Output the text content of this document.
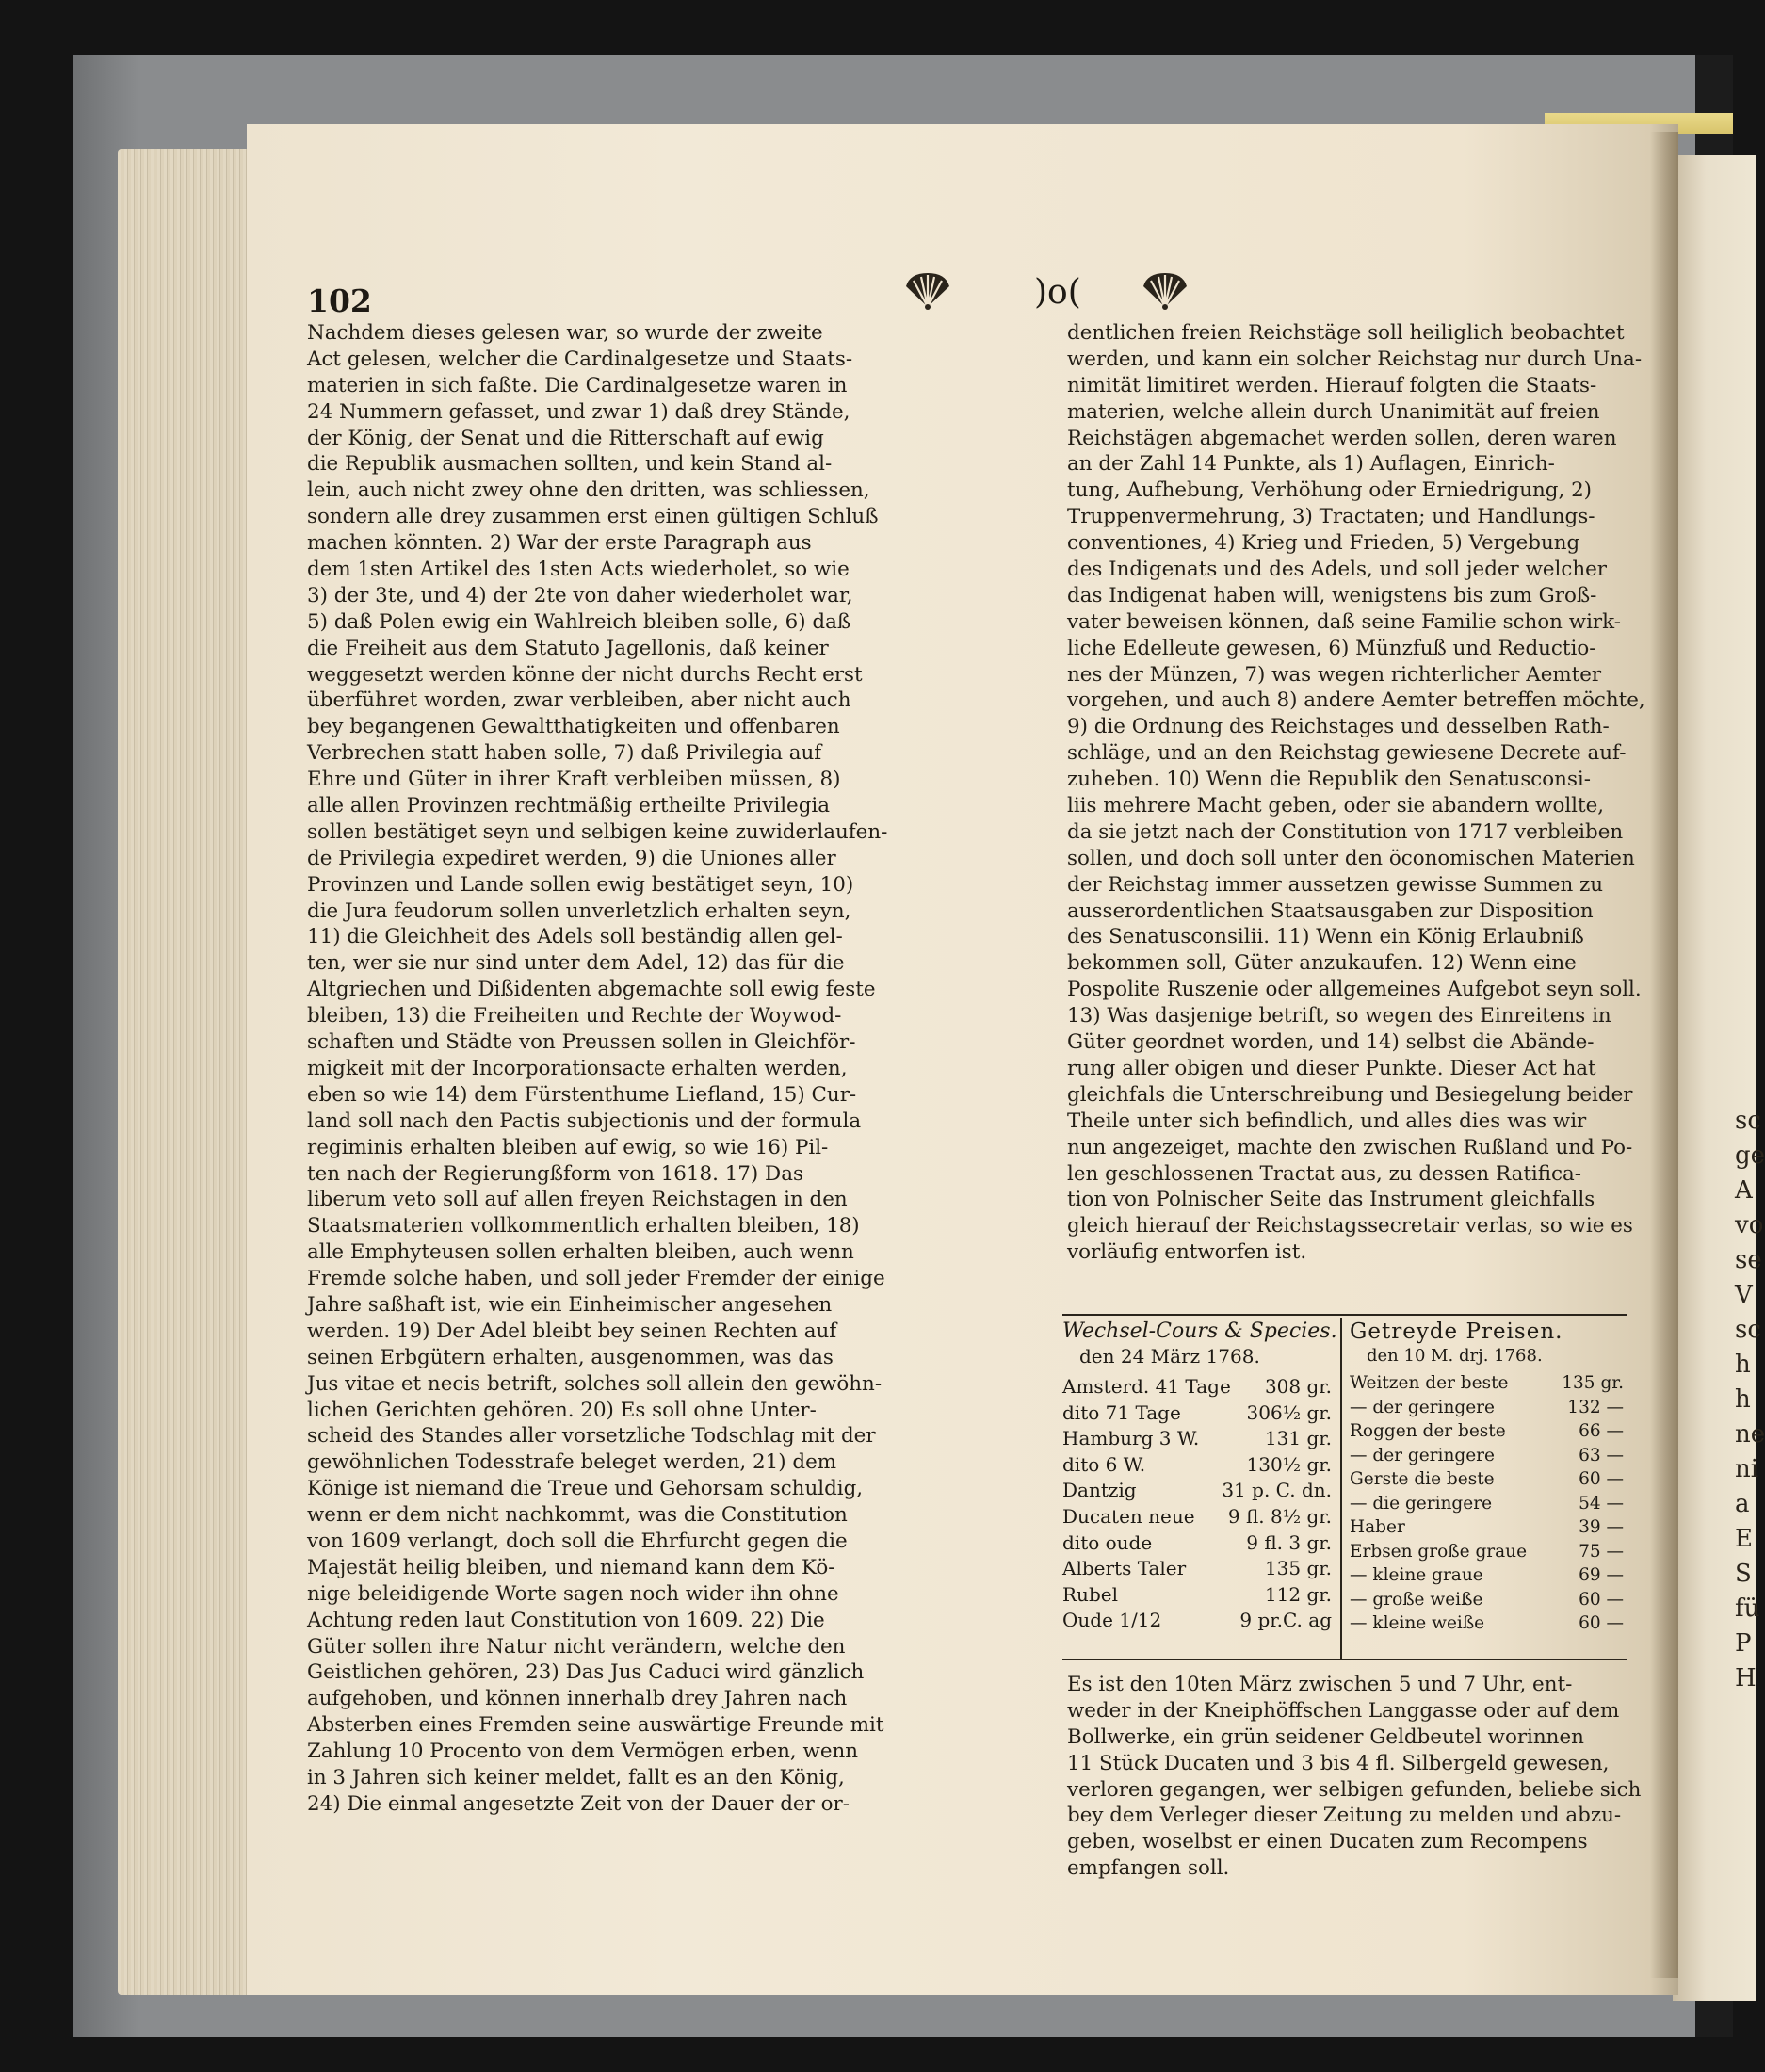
sc
ge
A
vo
se
V
sc
h
h
ne
ni
a
E
S
fü
P
H
102	)o(
Nachdem dieses gelesen war, so wurde der zweite
Act gelesen, welcher die Cardinalgesetze und Staats-
materien in sich faßte. Die Cardinalgesetze waren in
24 Nummern gefasset, und zwar 1) daß drey Stände,
der König, der Senat und die Ritterschaft auf ewig
die Republik ausmachen sollten, und kein Stand al-
lein, auch nicht zwey ohne den dritten, was schliessen,
sondern alle drey zusammen erst einen gültigen Schluß
machen könnten. 2) War der erste Paragraph aus
dem 1sten Artikel des 1sten Acts wiederholet, so wie
3) der 3te, und 4) der 2te von daher wiederholet war,
5) daß Polen ewig ein Wahlreich bleiben solle, 6) daß
die Freiheit aus dem Statuto Jagellonis, daß keiner
weggesetzt werden könne der nicht durchs Recht erst
überführet worden, zwar verbleiben, aber nicht auch
bey begangenen Gewaltthatigkeiten und offenbaren
Verbrechen statt haben solle, 7) daß Privilegia auf
Ehre und Güter in ihrer Kraft verbleiben müssen, 8)
alle allen Provinzen rechtmäßig ertheilte Privilegia
sollen bestätiget seyn und selbigen keine zuwiderlaufen-
de Privilegia expediret werden, 9) die Uniones aller
Provinzen und Lande sollen ewig bestätiget seyn, 10)
die Jura feudorum sollen unverletzlich erhalten seyn,
11) die Gleichheit des Adels soll beständig allen gel-
ten, wer sie nur sind unter dem Adel, 12) das für die
Altgriechen und Dißidenten abgemachte soll ewig feste
bleiben, 13) die Freiheiten und Rechte der Woywod-
schaften und Städte von Preussen sollen in Gleichför-
migkeit mit der Incorporationsacte erhalten werden,
eben so wie 14) dem Fürstenthume Liefland, 15) Cur-
land soll nach den Pactis subjectionis und der formula
regiminis erhalten bleiben auf ewig, so wie 16) Pil-
ten nach der Regierungßform von 1618. 17) Das
liberum veto soll auf allen freyen Reichstagen in den
Staatsmaterien vollkommentlich erhalten bleiben, 18)
alle Emphyteusen sollen erhalten bleiben, auch wenn
Fremde solche haben, und soll jeder Fremder der einige
Jahre saßhaft ist, wie ein Einheimischer angesehen
werden. 19) Der Adel bleibt bey seinen Rechten auf
seinen Erbgütern erhalten, ausgenommen, was das
Jus vitae et necis betrift, solches soll allein den gewöhn-
lichen Gerichten gehören. 20) Es soll ohne Unter-
scheid des Standes aller vorsetzliche Todschlag mit der
gewöhnlichen Todesstrafe beleget werden, 21) dem
Könige ist niemand die Treue und Gehorsam schuldig,
wenn er dem nicht nachkommt, was die Constitution
von 1609 verlangt, doch soll die Ehrfurcht gegen die
Majestät heilig bleiben, und niemand kann dem Kö-
nige beleidigende Worte sagen noch wider ihn ohne
Achtung reden laut Constitution von 1609. 22) Die
Güter sollen ihre Natur nicht verändern, welche den
Geistlichen gehören, 23) Das Jus Caduci wird gänzlich
aufgehoben, und können innerhalb drey Jahren nach
Absterben eines Fremden seine auswärtige Freunde mit
Zahlung 10 Procento von dem Vermögen erben, wenn
in 3 Jahren sich keiner meldet, fallt es an den König,
24) Die einmal angesetzte Zeit von der Dauer der or-
dentlichen freien Reichstäge soll heiliglich beobachtet
werden, und kann ein solcher Reichstag nur durch Una-
nimität limitiret werden. Hierauf folgten die Staats-
materien, welche allein durch Unanimität auf freien
Reichstägen abgemachet werden sollen, deren waren
an der Zahl 14 Punkte, als 1) Auflagen, Einrich-
tung, Aufhebung, Verhöhung oder Erniedrigung, 2)
Truppenvermehrung, 3) Tractaten; und Handlungs-
conventiones, 4) Krieg und Frieden, 5) Vergebung
des Indigenats und des Adels, und soll jeder welcher
das Indigenat haben will, wenigstens bis zum Groß-
vater beweisen können, daß seine Familie schon wirk-
liche Edelleute gewesen, 6) Münzfuß und Reductio-
nes der Münzen, 7) was wegen richterlicher Aemter
vorgehen, und auch 8) andere Aemter betreffen möchte,
9) die Ordnung des Reichstages und desselben Rath-
schläge, und an den Reichstag gewiesene Decrete auf-
zuheben. 10) Wenn die Republik den Senatusconsi-
liis mehrere Macht geben, oder sie abandern wollte,
da sie jetzt nach der Constitution von 1717 verbleiben
sollen, und doch soll unter den öconomischen Materien
der Reichstag immer aussetzen gewisse Summen zu
ausserordentlichen Staatsausgaben zur Disposition
des Senatusconsilii. 11) Wenn ein König Erlaubniß
bekommen soll, Güter anzukaufen. 12) Wenn eine
Pospolite Ruszenie oder allgemeines Aufgebot seyn soll.
13) Was dasjenige betrift, so wegen des Einreitens in
Güter geordnet worden, und 14) selbst die Abände-
rung aller obigen und dieser Punkte. Dieser Act hat
gleichfals die Unterschreibung und Besiegelung beider
Theile unter sich befindlich, und alles dies was wir
nun angezeiget, machte den zwischen Rußland und Po-
len geschlossenen Tractat aus, zu dessen Ratifica-
tion von Polnischer Seite das Instrument gleichfalls
gleich hierauf der Reichstagssecretair verlas, so wie es
vorläufig entworfen ist.
Wechsel-Cours & Species.
den 24 März 1768.
Amsterd. 41 Tage 308 gr.
dito 71 Tage	306½ gr.
Hamburg 3 W.	131 gr.
dito 6 W.	130½ gr.
Dantzig	31 p. C. dn.
Ducaten neue 9 fl. 8½ gr.
dito oude	9 fl. 3 gr.
Alberts Taler	135 gr.
Rubel	112 gr.
Oude 1/12	9 pr.C. ag
Getreyde Preisen.
den 10 M. drj. 1768.
Weitzen der beste	135 gr.
— der geringere	132 —
Roggen der beste	66 —
— der geringere	63 —
Gerste die beste	60 —
— die geringere	54 —
Haber	39 —
Erbsen große graue	75 —
— kleine graue	69 —
— große weiße	60 —
— kleine weiße	60 —
Es ist den 10ten März zwischen 5 und 7 Uhr, ent-
weder in der Kneiphöffschen Langgasse oder auf dem
Bollwerke, ein grün seidener Geldbeutel worinnen
11 Stück Ducaten und 3 bis 4 fl. Silbergeld gewesen,
verloren gegangen, wer selbigen gefunden, beliebe sich
bey dem Verleger dieser Zeitung zu melden und abzu-
geben, woselbst er einen Ducaten zum Recompens
empfangen soll.
